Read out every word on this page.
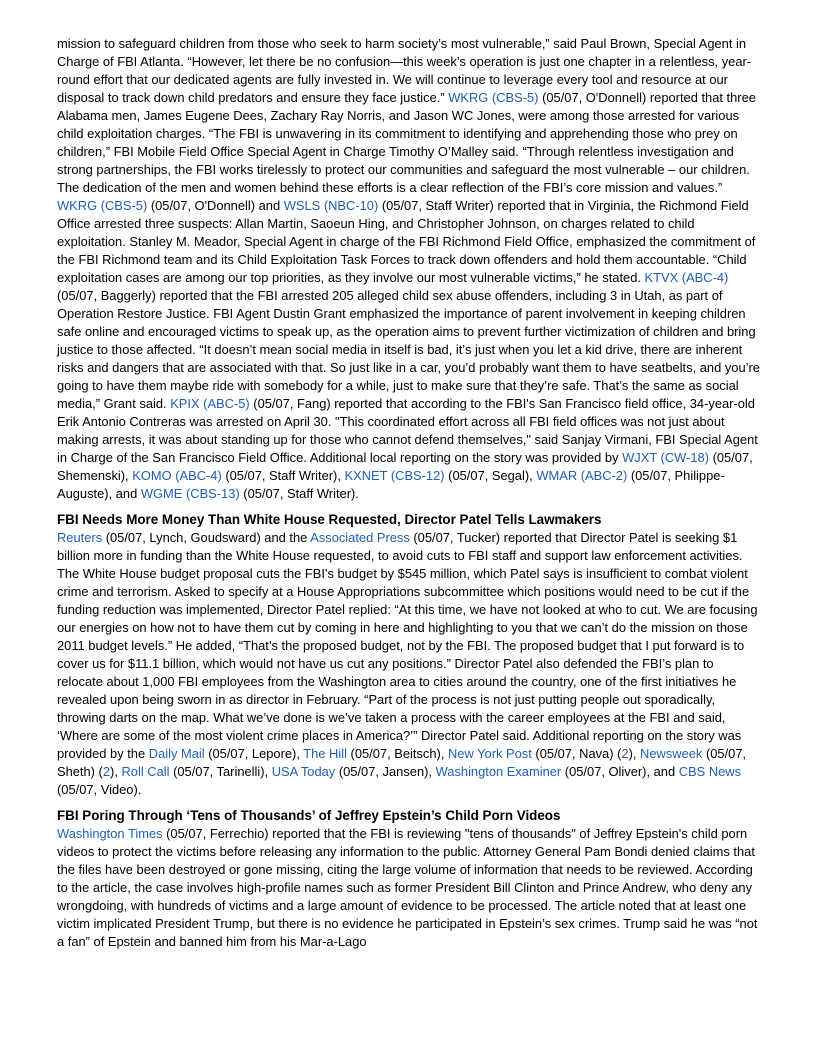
mission to safeguard children from those who seek to harm society’s most vulnerable,” said Paul Brown, Special Agent in Charge of FBI Atlanta. “However, let there be no confusion—this week’s operation is just one chapter in a relentless, year-round effort that our dedicated agents are fully invested in. We will continue to leverage every tool and resource at our disposal to track down child predators and ensure they face justice.” WKRG (CBS-5) (05/07, O'Donnell) reported that three Alabama men, James Eugene Dees, Zachary Ray Norris, and Jason WC Jones, were among those arrested for various child exploitation charges. “The FBI is unwavering in its commitment to identifying and apprehending those who prey on children,” FBI Mobile Field Office Special Agent in Charge Timothy O’Malley said. “Through relentless investigation and strong partnerships, the FBI works tirelessly to protect our communities and safeguard the most vulnerable – our children. The dedication of the men and women behind these efforts is a clear reflection of the FBI’s core mission and values.” WKRG (CBS-5) (05/07, O'Donnell) and WSLS (NBC-10) (05/07, Staff Writer) reported that in Virginia, the Richmond Field Office arrested three suspects: Allan Martin, Saoeun Hing, and Christopher Johnson, on charges related to child exploitation. Stanley M. Meador, Special Agent in charge of the FBI Richmond Field Office, emphasized the commitment of the FBI Richmond team and its Child Exploitation Task Forces to track down offenders and hold them accountable. “Child exploitation cases are among our top priorities, as they involve our most vulnerable victims,” he stated. KTVX (ABC-4) (05/07, Baggerly) reported that the FBI arrested 205 alleged child sex abuse offenders, including 3 in Utah, as part of Operation Restore Justice. FBI Agent Dustin Grant emphasized the importance of parent involvement in keeping children safe online and encouraged victims to speak up, as the operation aims to prevent further victimization of children and bring justice to those affected. “It doesn’t mean social media in itself is bad, it’s just when you let a kid drive, there are inherent risks and dangers that are associated with that. So just like in a car, you’d probably want them to have seatbelts, and you’re going to have them maybe ride with somebody for a while, just to make sure that they’re safe. That’s the same as social media,” Grant said. KPIX (ABC-5) (05/07, Fang) reported that according to the FBI's San Francisco field office, 34-year-old Erik Antonio Contreras was arrested on April 30. "This coordinated effort across all FBI field offices was not just about making arrests, it was about standing up for those who cannot defend themselves," said Sanjay Virmani, FBI Special Agent in Charge of the San Francisco Field Office. Additional local reporting on the story was provided by WJXT (CW-18) (05/07, Shemenski), KOMO (ABC-4) (05/07, Staff Writer), KXNET (CBS-12) (05/07, Segal), WMAR (ABC-2) (05/07, Philippe-Auguste), and WGME (CBS-13) (05/07, Staff Writer).

FBI Needs More Money Than White House Requested, Director Patel Tells Lawmakers

Reuters (05/07, Lynch, Goudsward) and the Associated Press (05/07, Tucker) reported that Director Patel is seeking $1 billion more in funding than the White House requested, to avoid cuts to FBI staff and support law enforcement activities. The White House budget proposal cuts the FBI's budget by $545 million, which Patel says is insufficient to combat violent crime and terrorism. Asked to specify at a House Appropriations subcommittee which positions would need to be cut if the funding reduction was implemented, Director Patel replied: “At this time, we have not looked at who to cut. We are focusing our energies on how not to have them cut by coming in here and highlighting to you that we can’t do the mission on those 2011 budget levels.” He added, “That’s the proposed budget, not by the FBI. The proposed budget that I put forward is to cover us for $11.1 billion, which would not have us cut any positions.” Director Patel also defended the FBI’s plan to relocate about 1,000 FBI employees from the Washington area to cities around the country, one of the first initiatives he revealed upon being sworn in as director in February. “Part of the process is not just putting people out sporadically, throwing darts on the map. What we’ve done is we’ve taken a process with the career employees at the FBI and said, ‘Where are some of the most violent crime places in America?’” Director Patel said. Additional reporting on the story was provided by the Daily Mail (05/07, Lepore), The Hill (05/07, Beitsch), New York Post (05/07, Nava) (2), Newsweek (05/07, Sheth) (2), Roll Call (05/07, Tarinelli), USA Today (05/07, Jansen), Washington Examiner (05/07, Oliver), and CBS News (05/07, Video).

FBI Poring Through ‘Tens of Thousands’ of Jeffrey Epstein’s Child Porn Videos

Washington Times (05/07, Ferrechio) reported that the FBI is reviewing "tens of thousands" of Jeffrey Epstein's child porn videos to protect the victims before releasing any information to the public. Attorney General Pam Bondi denied claims that the files have been destroyed or gone missing, citing the large volume of information that needs to be reviewed. According to the article, the case involves high-profile names such as former President Bill Clinton and Prince Andrew, who deny any wrongdoing, with hundreds of victims and a large amount of evidence to be processed. The article noted that at least one victim implicated President Trump, but there is no evidence he participated in Epstein’s sex crimes. Trump said he was “not a fan” of Epstein and banned him from his Mar-a-Lago
